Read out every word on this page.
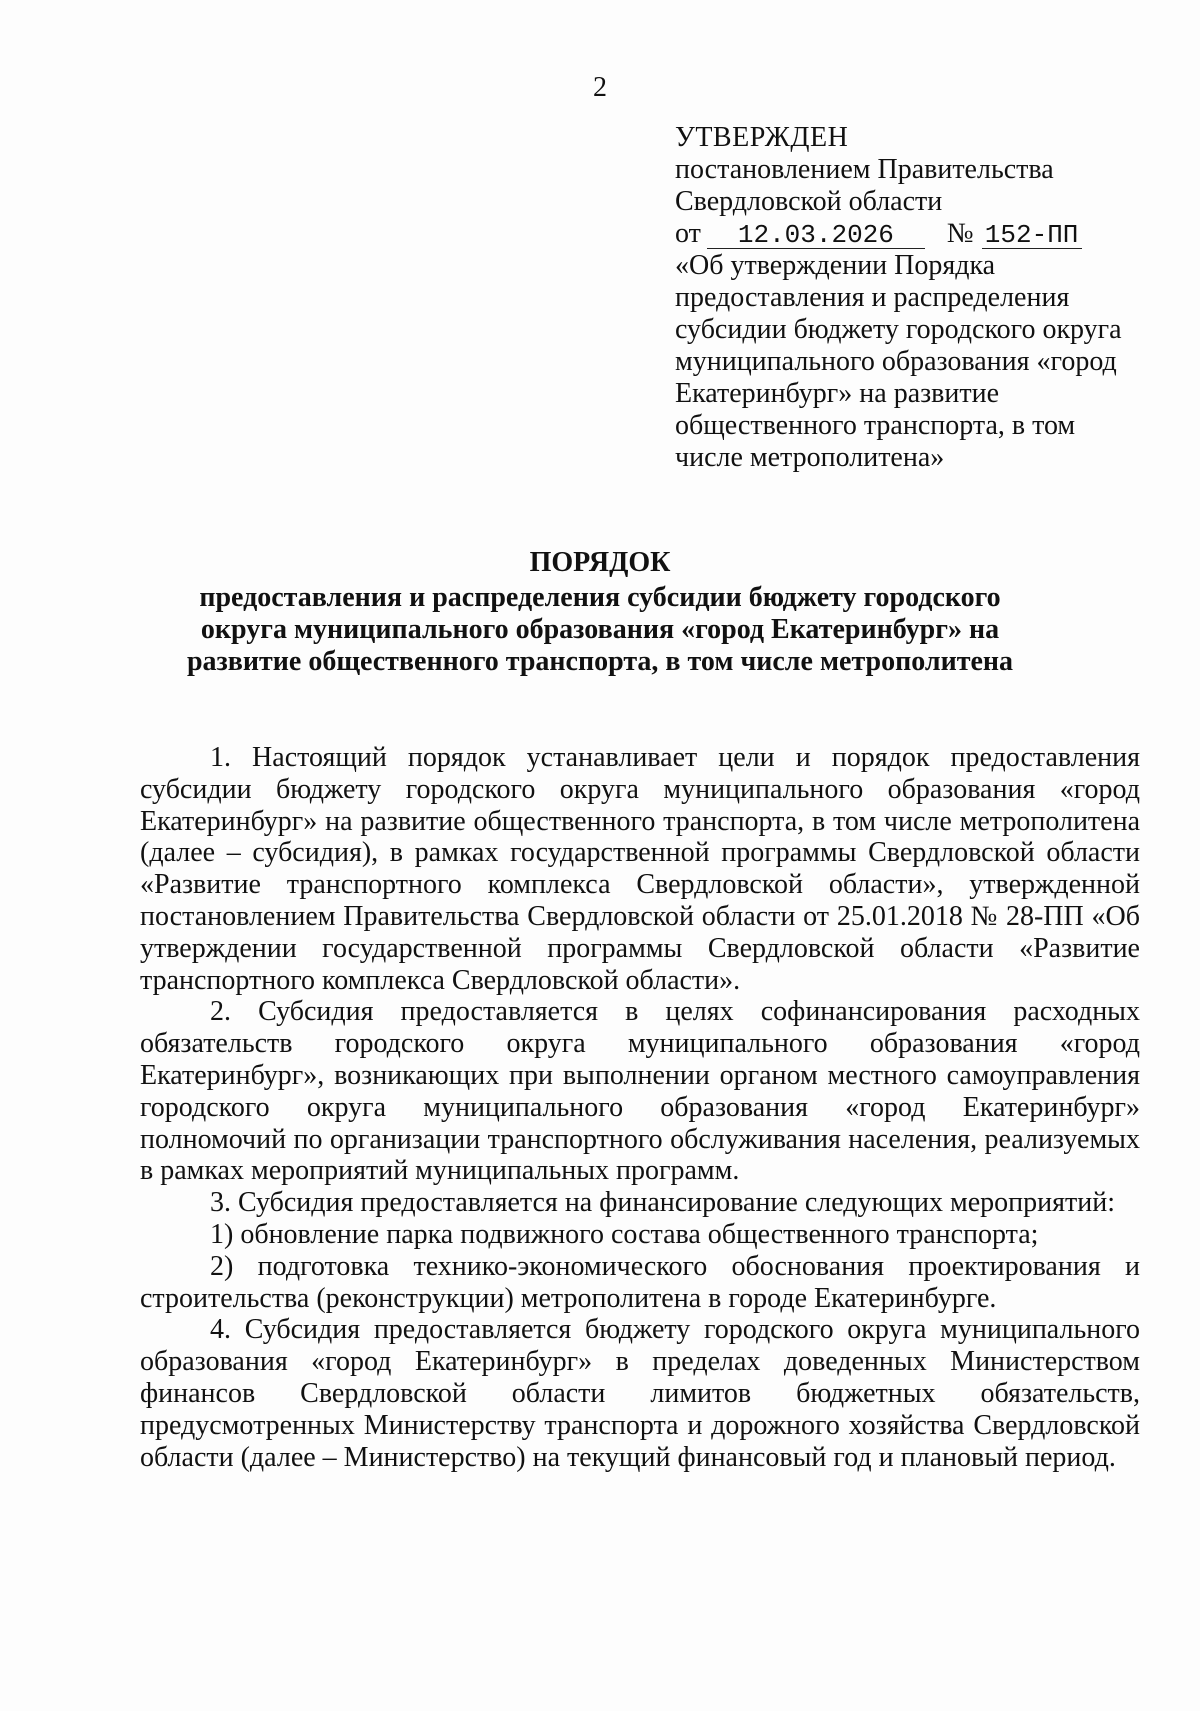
2
УТВЕРЖДЕН
постановлением Правительства
Свердловской области
от 12.03.2026 № 152-ПП
«Об утверждении Порядка
предоставления и распределения
субсидии бюджету городского округа
муниципального образования «город
Екатеринбург» на развитие
общественного транспорта, в том
числе метрополитена»
ПОРЯДОК
предоставления и распределения субсидии бюджету городского округа муниципального образования «город Екатеринбург» на развитие общественного транспорта, в том числе метрополитена

1. Настоящий порядок устанавливает цели и порядок предоставления субсидии бюджету городского округа муниципального образования «город Екатеринбург» на развитие общественного транспорта, в том числе метрополитена (далее – субсидия), в рамках государственной программы Свердловской области «Развитие транспортного комплекса Свердловской области», утвержденной постановлением Правительства Свердловской области от 25.01.2018 № 28-ПП «Об утверждении государственной программы Свердловской области «Развитие транспортного комплекса Свердловской области».

2. Субсидия предоставляется в целях софинансирования расходных обязательств городского округа муниципального образования «город Екатеринбург», возникающих при выполнении органом местного самоуправления городского округа муниципального образования «город Екатеринбург» полномочий по организации транспортного обслуживания населения, реализуемых в рамках мероприятий муниципальных программ.

3. Субсидия предоставляется на финансирование следующих мероприятий:

1) обновление парка подвижного состава общественного транспорта;

2) подготовка технико-экономического обоснования проектирования и строительства (реконструкции) метрополитена в городе Екатеринбурге.

4. Субсидия предоставляется бюджету городского округа муниципального образования «город Екатеринбург» в пределах доведенных Министерством финансов Свердловской области лимитов бюджетных обязательств, предусмотренных Министерству транспорта и дорожного хозяйства Свердловской области (далее – Министерство) на текущий финансовый год и плановый период.
